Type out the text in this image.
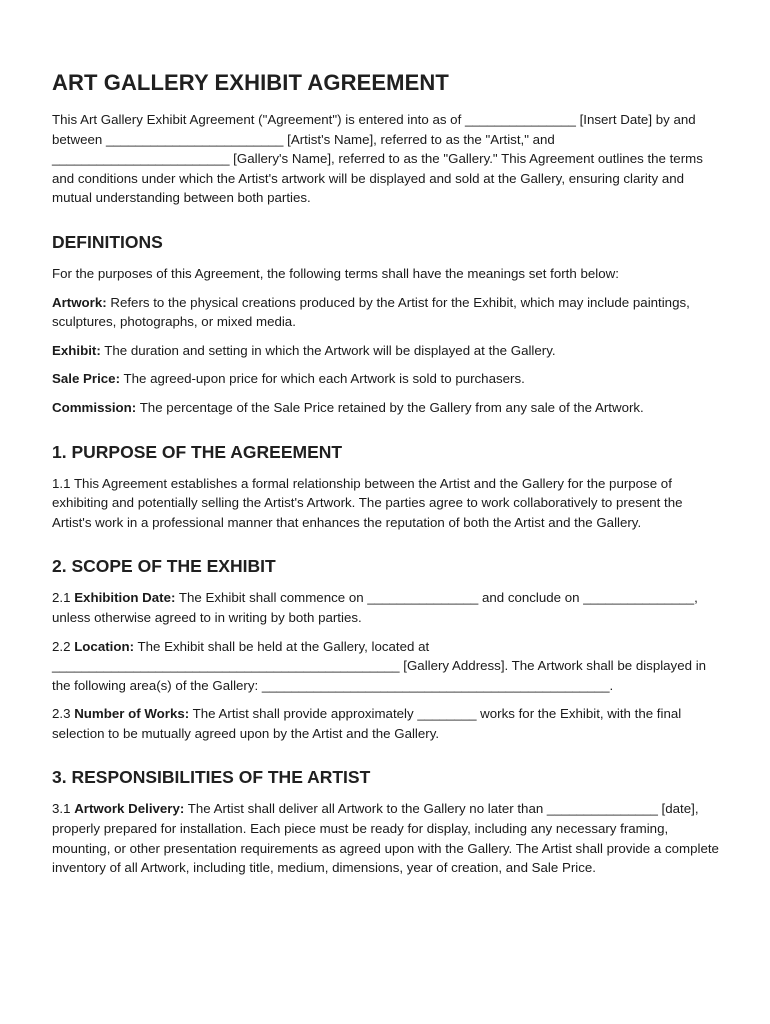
ART GALLERY EXHIBIT AGREEMENT

This Art Gallery Exhibit Agreement ("Agreement") is entered into as of _______________ [Insert Date] by and between ________________________ [Artist's Name], referred to as the "Artist," and ________________________ [Gallery's Name], referred to as the "Gallery." This Agreement outlines the terms and conditions under which the Artist's artwork will be displayed and sold at the Gallery, ensuring clarity and mutual understanding between both parties.

DEFINITIONS

For the purposes of this Agreement, the following terms shall have the meanings set forth below:

Artwork: Refers to the physical creations produced by the Artist for the Exhibit, which may include paintings, sculptures, photographs, or mixed media.

Exhibit: The duration and setting in which the Artwork will be displayed at the Gallery.

Sale Price: The agreed-upon price for which each Artwork is sold to purchasers.

Commission: The percentage of the Sale Price retained by the Gallery from any sale of the Artwork.

1. PURPOSE OF THE AGREEMENT

1.1 This Agreement establishes a formal relationship between the Artist and the Gallery for the purpose of exhibiting and potentially selling the Artist's Artwork. The parties agree to work collaboratively to present the Artist's work in a professional manner that enhances the reputation of both the Artist and the Gallery.

2. SCOPE OF THE EXHIBIT

2.1 Exhibition Date: The Exhibit shall commence on _______________ and conclude on _______________, unless otherwise agreed to in writing by both parties.

2.2 Location: The Exhibit shall be held at the Gallery, located at _______________________________________________ [Gallery Address]. The Artwork shall be displayed in the following area(s) of the Gallery: _______________________________________________.

2.3 Number of Works: The Artist shall provide approximately ________ works for the Exhibit, with the final selection to be mutually agreed upon by the Artist and the Gallery.

3. RESPONSIBILITIES OF THE ARTIST

3.1 Artwork Delivery: The Artist shall deliver all Artwork to the Gallery no later than _______________ [date], properly prepared for installation. Each piece must be ready for display, including any necessary framing, mounting, or other presentation requirements as agreed upon with the Gallery. The Artist shall provide a complete inventory of all Artwork, including title, medium, dimensions, year of creation, and Sale Price.
